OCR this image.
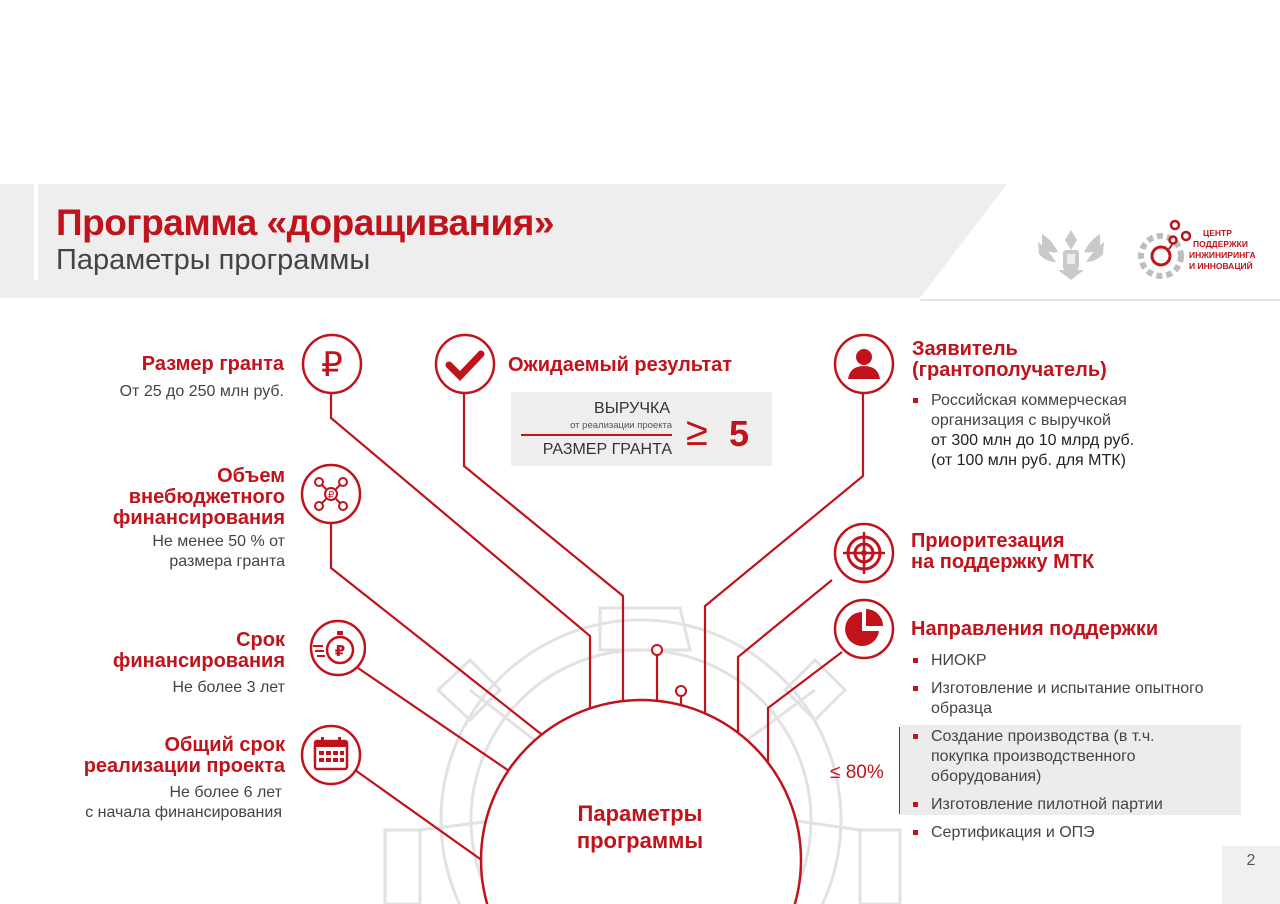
Программа «доращивания»
Параметры программы
ЦЕНТР
ПОДДЕРЖКИ
ИНЖИНИРИНГА
И ИННОВАЦИЙ
₽
₽
₽
Размер гранта
От 25 до 250 млн руб.
Объем
внебюджетного
финансирования
Не менее 50 % от
размера гранта
Срок
финансирования
Не более 3 лет
Общий срок
реализации проекта
Не более 6 лет
с начала финансирования
Ожидаемый результат
ВЫРУЧКА
от реализации проекта
РАЗМЕР ГРАНТА ≥ 5
Заявитель
(грантополучатель)
Российская коммерческая
организация с выручкой
от 300 млн до 10 млрд руб.
(от 100 млн руб. для МТК)
Приоритезация
на поддержку МТК
Направления поддержки
НИОКР
Изготовление и испытание опытного образца
Создание производства (в т.ч. покупка производственного оборудования)
Изготовление пилотной партии
Сертификация и ОПЭ
≤ 80%
Параметры
программы
2
